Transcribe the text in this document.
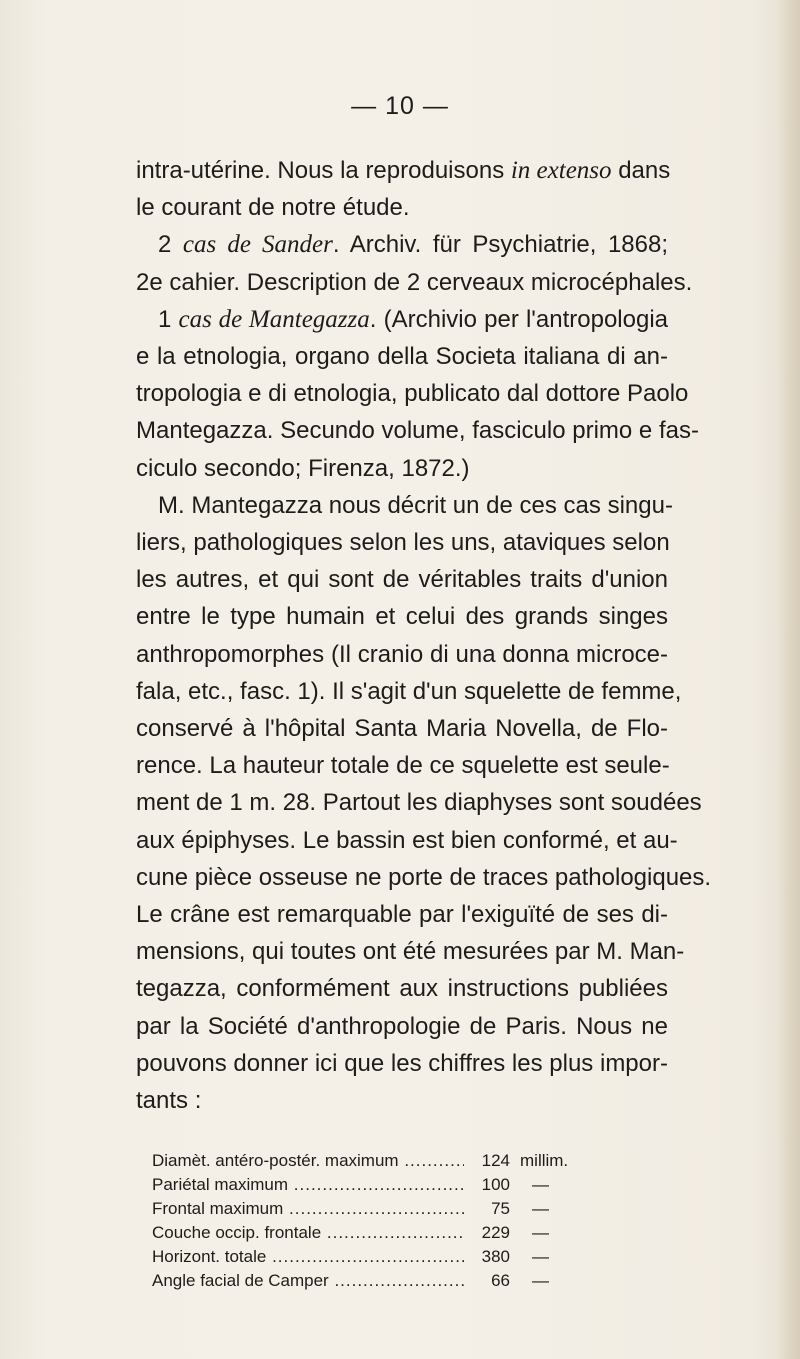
— 10 —
intra-utérine. Nous la reproduisons in extenso dans
le courant de notre étude.
2 cas de Sander. Archiv. für Psychiatrie, 1868;
2e cahier. Description de 2 cerveaux microcéphales.
1 cas de Mantegazza. (Archivio per l'antropologia
e la etnologia, organo della Societa italiana di an-
tropologia e di etnologia, publicato dal dottore Paolo
Mantegazza. Secundo volume, fasciculo primo e fas-
ciculo secondo; Firenza, 1872.)
M. Mantegazza nous décrit un de ces cas singu-
liers, pathologiques selon les uns, ataviques selon
les autres, et qui sont de véritables traits d'union
entre le type humain et celui des grands singes
anthropomorphes (Il cranio di una donna microce-
fala, etc., fasc. 1). Il s'agit d'un squelette de femme,
conservé à l'hôpital Santa Maria Novella, de Flo-
rence. La hauteur totale de ce squelette est seule-
ment de 1 m. 28. Partout les diaphyses sont soudées
aux épiphyses. Le bassin est bien conformé, et au-
cune pièce osseuse ne porte de traces pathologiques.
Le crâne est remarquable par l'exiguïté de ses di-
mensions, qui toutes ont été mesurées par M. Man-
tegazza, conformément aux instructions publiées
par la Société d'anthropologie de Paris. Nous ne
pouvons donner ici que les chiffres les plus impor-
tants :
Diamèt. antéro-postér. maximum .....	124 millim.
Pariétal maximum .....	100 —
Frontal maximum .....	75 —
Couche occip. frontale .....	229 —
Horizont. totale .....	380 —
Angle facial de Camper .....	66 —
